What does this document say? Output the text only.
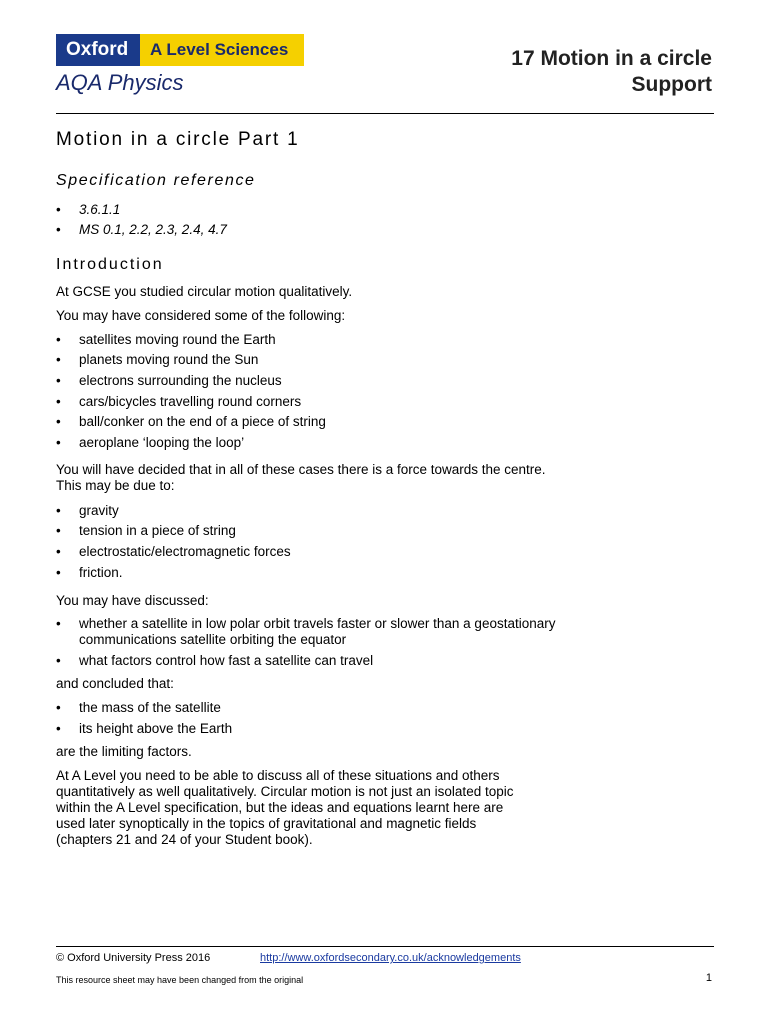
Oxford	A Level Sciences
AQA Physics
17 Motion in a circle
Support
Motion in a circle Part 1
Specification reference
• 3.6.1.1
• MS 0.1, 2.2, 2.3, 2.4, 4.7
Introduction
At GCSE you studied circular motion qualitatively.
You may have considered some of the following:
• satellites moving round the Earth
• planets moving round the Sun
• electrons surrounding the nucleus
• cars/bicycles travelling round corners
• ball/conker on the end of a piece of string
• aeroplane ‘looping the loop’
You will have decided that in all of these cases there is a force towards the centre.
This may be due to:
• gravity
• tension in a piece of string
• electrostatic/electromagnetic forces
• friction.
You may have discussed:
• whether a satellite in low polar orbit travels faster or slower than a geostationary
communications satellite orbiting the equator
• what factors control how fast a satellite can travel
and concluded that:
• the mass of the satellite
• its height above the Earth
are the limiting factors.
At A Level you need to be able to discuss all of these situations and others
quantitatively as well qualitatively. Circular motion is not just an isolated topic
within the A Level specification, but the ideas and equations learnt here are
used later synoptically in the topics of gravitational and magnetic fields
(chapters 21 and 24 of your Student book).
© Oxford University Press 2016	http://www.oxfordsecondary.co.uk/acknowledgements
This resource sheet may have been changed from the original	1
